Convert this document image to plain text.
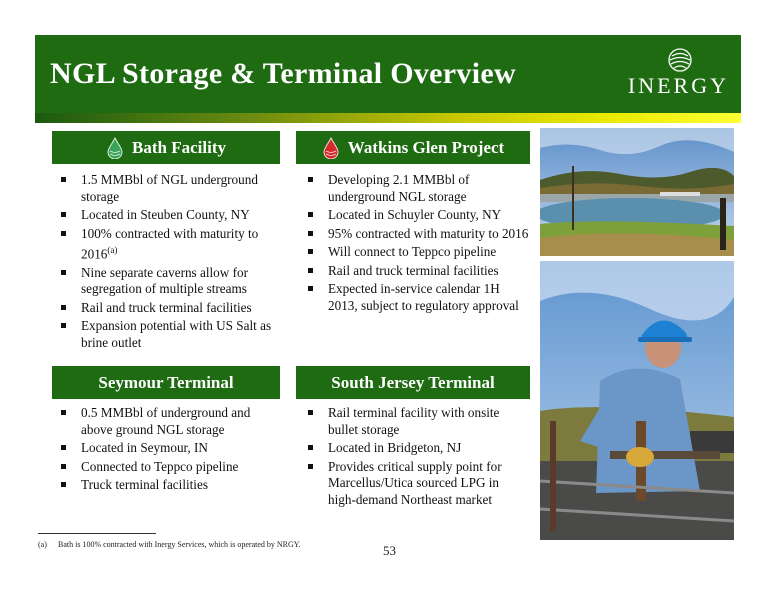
NGL Storage & Terminal Overview	INERGY
Bath Facility
1.5 MMBbl of NGL underground storage
Located in Steuben County, NY
100% contracted with maturity to 2016$^{(a)}$
Nine separate caverns allow for segregation of multiple streams
Rail and truck terminal facilities
Expansion potential with US Salt as brine outlet
Watkins Glen Project
Developing 2.1 MMBbl of underground NGL storage
Located in Schuyler County, NY
95% contracted with maturity to 2016
Will connect to Teppco pipeline
Rail and truck terminal facilities
Expected in-service calendar 1H 2013, subject to regulatory approval
Seymour Terminal
0.5 MMBbl of underground and above ground NGL storage
Located in Seymour, IN
Connected to Teppco pipeline
Truck terminal facilities
South Jersey Terminal
Rail terminal facility with onsite bullet storage
Located in Bridgeton, NJ
Provides critical supply point for Marcellus/Utica sourced LPG in high-demand Northeast market
(a) Bath is 100% contracted with Inergy Services, which is operated by NRGY.	53
